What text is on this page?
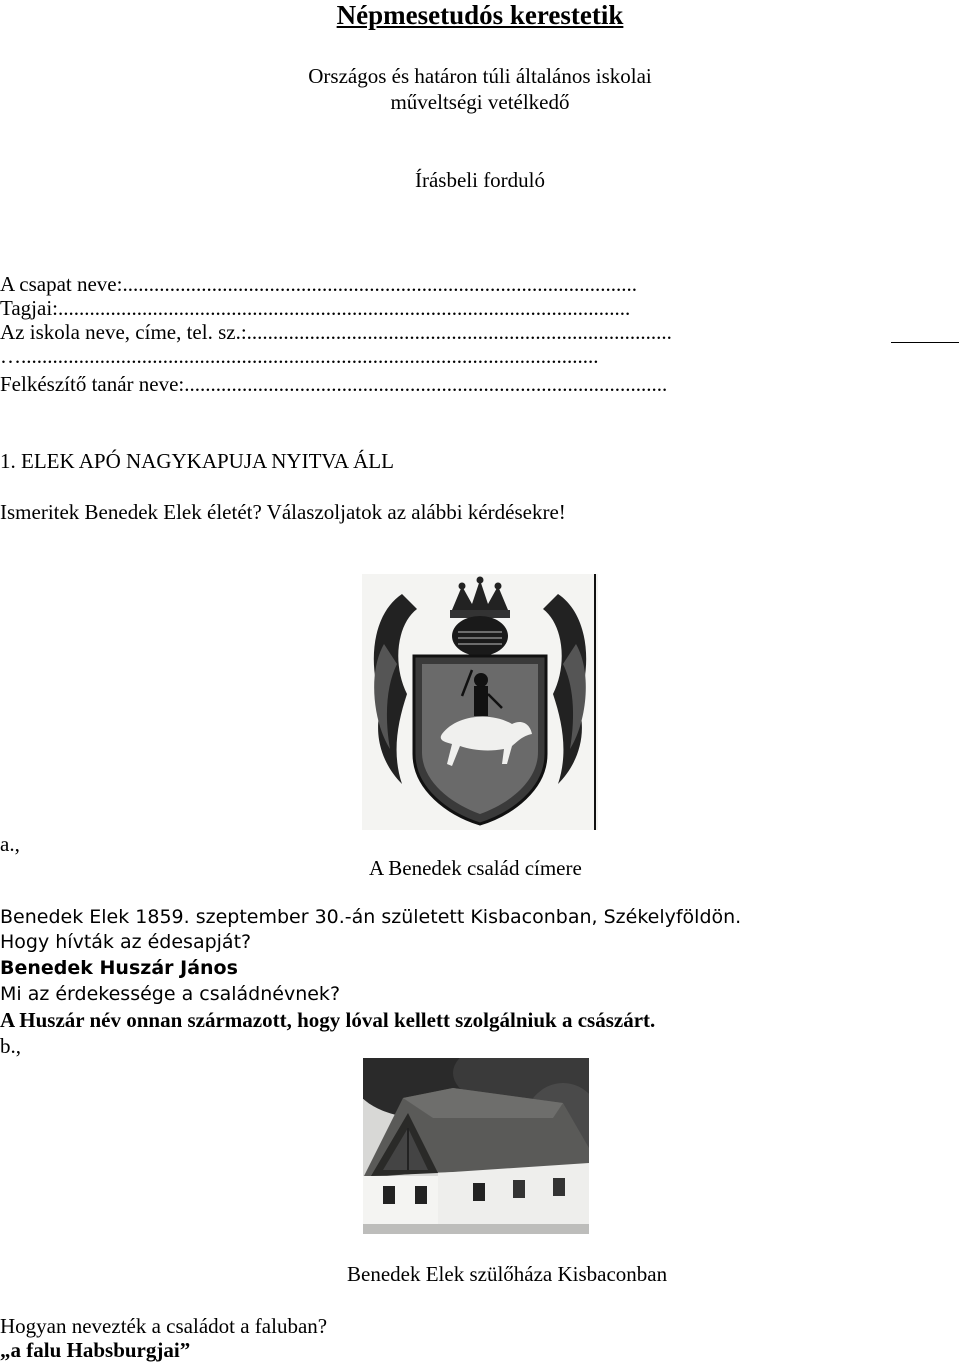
Népmesetudós kerestetik
Országos és határon túli általános iskolai
műveltségi vetélkedő
Írásbeli forduló
A csapat neve:..................................................................................................
Tagjai:.............................................................................................................
Az iskola neve, címe, tel. sz.:.................................................................................
…..............................................................................................................
Felkészítő tanár neve:............................................................................................
1. ELEK APÓ NAGYKAPUJA NYITVA ÁLL
Ismeritek Benedek Elek életét? Válaszoljatok az alábbi kérdésekre!
a.,
A Benedek család címere
Benedek Elek 1859. szeptember 30.-án született Kisbaconban, Székelyföldön.
Hogy hívták az édesapját?
Benedek Huszár János
Mi az érdekessége a családnévnek?
A Huszár név onnan származott, hogy lóval kellett szolgálniuk a császárt.
b.,
Benedek Elek szülőháza Kisbaconban
Hogyan nevezték a családot a faluban?
„a falu Habsburgjai”
